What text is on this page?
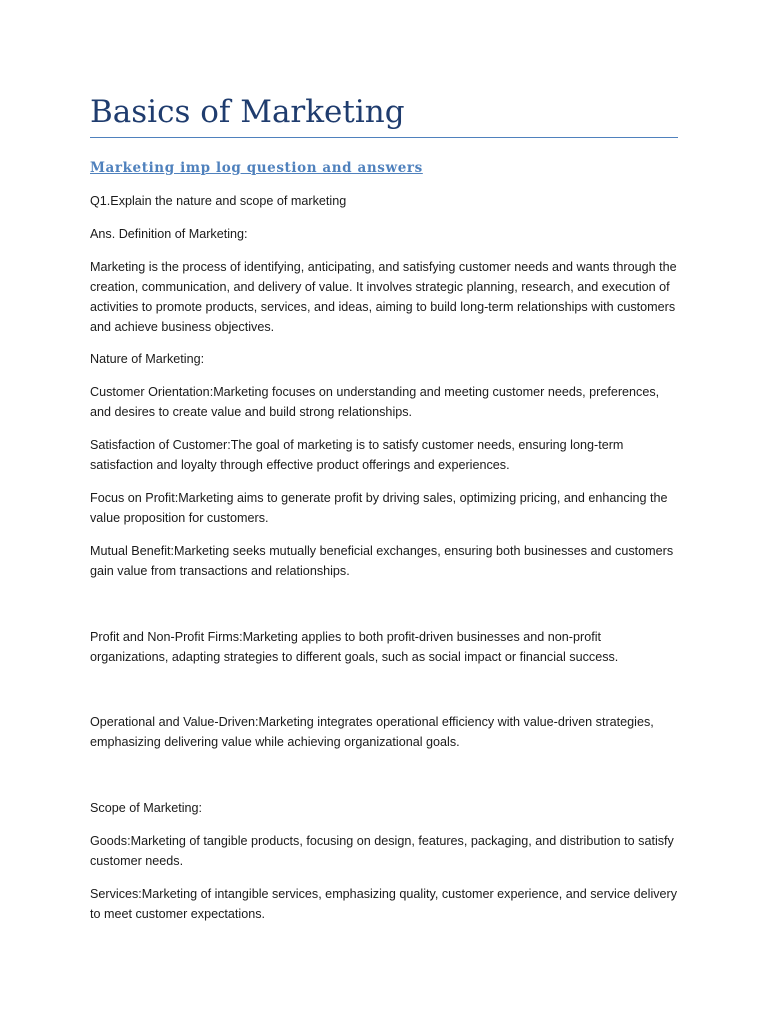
Basics of Marketing
Marketing imp log question and answers

Q1.Explain the nature and scope of marketing

Ans. Definition of Marketing:

Marketing is the process of identifying, anticipating, and satisfying customer needs and wants through the creation, communication, and delivery of value. It involves strategic planning, research, and execution of activities to promote products, services, and ideas, aiming to build long-term relationships with customers and achieve business objectives.

Nature of Marketing:

Customer Orientation:Marketing focuses on understanding and meeting customer needs, preferences, and desires to create value and build strong relationships.

Satisfaction of Customer:The goal of marketing is to satisfy customer needs, ensuring long-term satisfaction and loyalty through effective product offerings and experiences.

Focus on Profit:Marketing aims to generate profit by driving sales, optimizing pricing, and enhancing the value proposition for customers.

Mutual Benefit:Marketing seeks mutually beneficial exchanges, ensuring both businesses and customers gain value from transactions and relationships.

Profit and Non-Profit Firms:Marketing applies to both profit-driven businesses and non-profit organizations, adapting strategies to different goals, such as social impact or financial success.

Operational and Value-Driven:Marketing integrates operational efficiency with value-driven strategies, emphasizing delivering value while achieving organizational goals.

Scope of Marketing:

Goods:Marketing of tangible products, focusing on design, features, packaging, and distribution to satisfy customer needs.

Services:Marketing of intangible services, emphasizing quality, customer experience, and service delivery to meet customer expectations.
